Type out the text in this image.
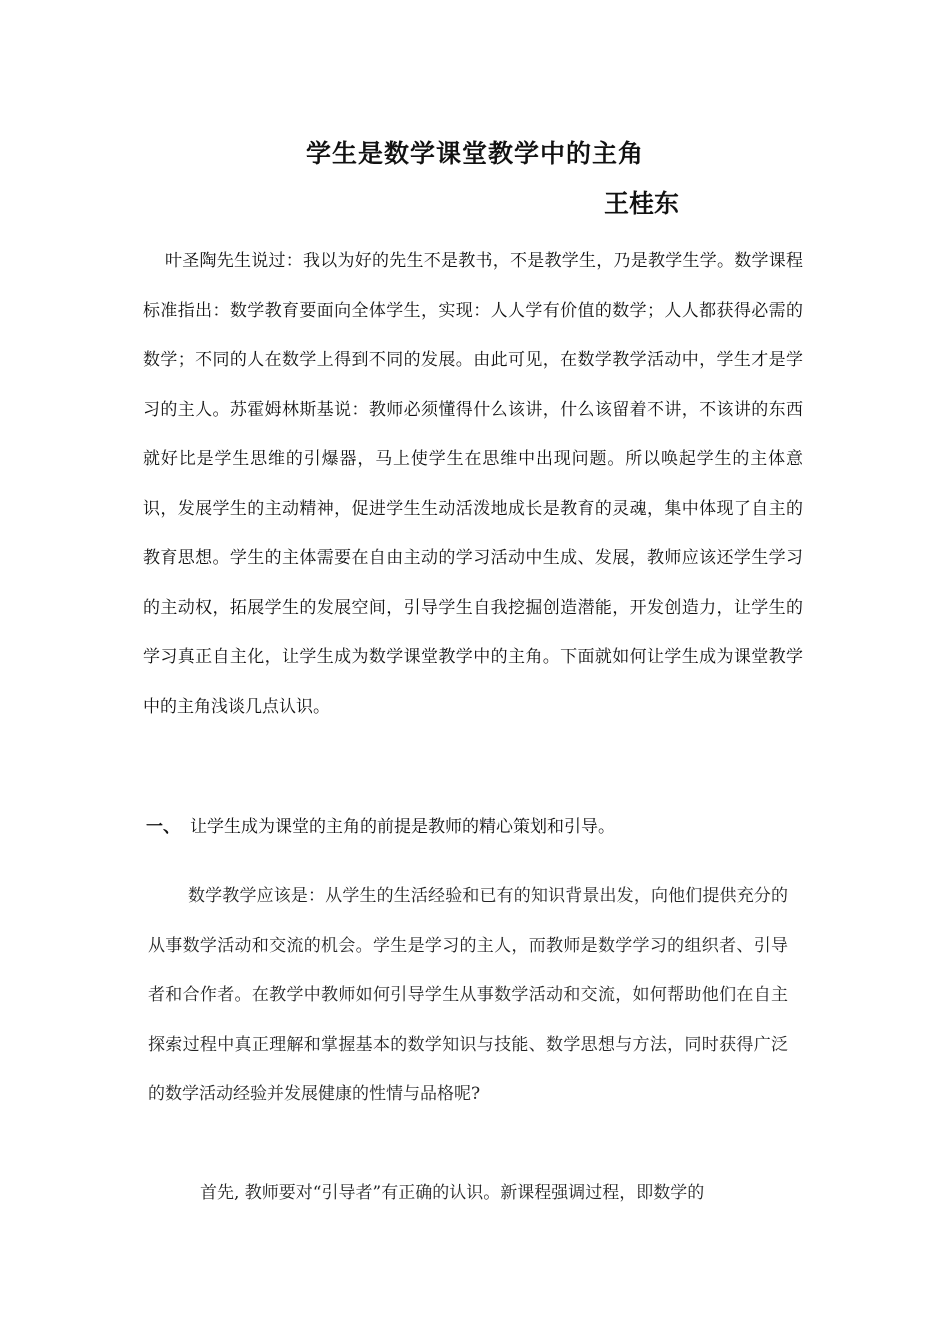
学生是数学课堂教学中的主角
王桂东

叶圣陶先生说过：我以为好的先生不是教书，不是教学生，乃是教学生学。数学课程标准指出：数学教育要面向全体学生，实现：人人学有价值的数学；人人都获得必需的数学；不同的人在数学上得到不同的发展。由此可见，在数学教学活动中，学生才是学习的主人。苏霍姆林斯基说：教师必须懂得什么该讲，什么该留着不讲，不该讲的东西就好比是学生思维的引爆器，马上使学生在思维中出现问题。所以唤起学生的主体意识，发展学生的主动精神，促进学生生动活泼地成长是教育的灵魂，集中体现了自主的教育思想。学生的主体需要在自由主动的学习活动中生成、发展，教师应该还学生学习的主动权，拓展学生的发展空间，引导学生自我挖掘创造潜能，开发创造力，让学生的学习真正自主化，让学生成为数学课堂教学中的主角。下面就如何让学生成为课堂教学中的主角浅谈几点认识。

一、 让学生成为课堂的主角的前提是教师的精心策划和引导。

数学教学应该是：从学生的生活经验和已有的知识背景出发，向他们提供充分的从事数学活动和交流的机会。学生是学习的主人，而教师是数学学习的组织者、引导者和合作者。在教学中教师如何引导学生从事数学活动和交流，如何帮助他们在自主探索过程中真正理解和掌握基本的数学知识与技能、数学思想与方法，同时获得广泛的数学活动经验并发展健康的性情与品格呢?

首先, 教师要对“引导者”有正确的认识。新课程强调过程，即数学的
